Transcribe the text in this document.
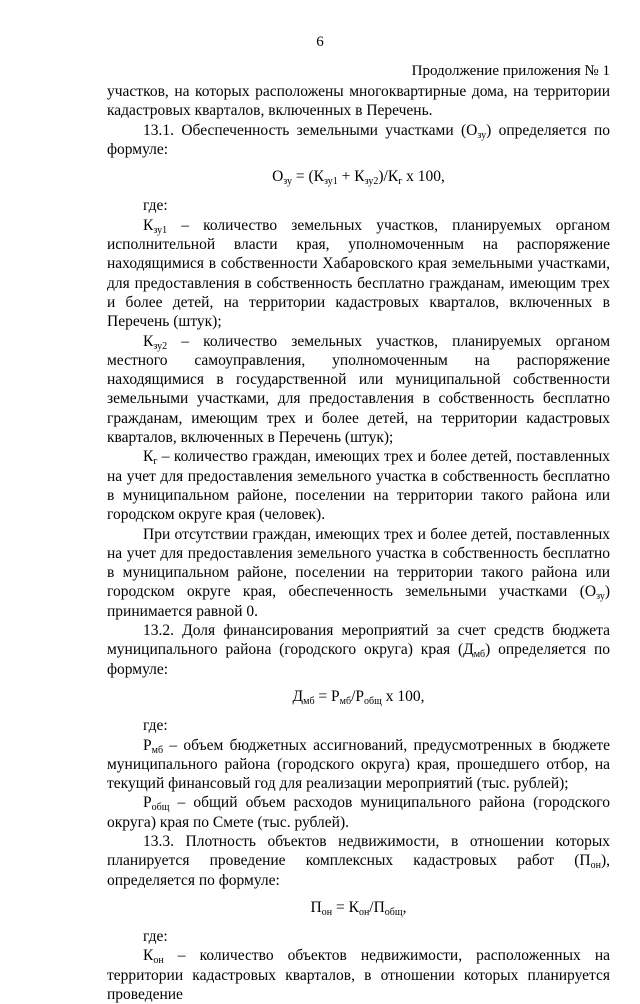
6
Продолжение приложения № 1

участков, на которых расположены многоквартирные дома, на территории кадастровых кварталов, включенных в Перечень.

13.1. Обеспеченность земельными участками $(О_{зу})$ определяется по формуле:

$О_{зу} = (К_{зу1} + К_{зу2})/К_г$ х 100,

где:

$К_{зу1}$ – количество земельных участков, планируемых органом исполнительной власти края, уполномоченным на распоряжение находящимися в собственности Хабаровского края земельными участками, для предоставления в собственность бесплатно гражданам, имеющим трех и более детей, на территории кадастровых кварталов, включенных в Перечень (штук);

$К_{зу2}$ – количество земельных участков, планируемых органом местного самоуправления, уполномоченным на распоряжение находящимися в государственной или муниципальной собственности земельными участками, для предоставления в собственность бесплатно гражданам, имеющим трех и более детей, на территории кадастровых кварталов, включенных в Перечень (штук);

$К_г$ – количество граждан, имеющих трех и более детей, поставленных на учет для предоставления земельного участка в собственность бесплатно в муниципальном районе, поселении на территории такого района или городском округе края (человек).

При отсутствии граждан, имеющих трех и более детей, поставленных на учет для предоставления земельного участка в собственность бесплатно в муниципальном районе, поселении на территории такого района или городском округе края, обеспеченность земельными участками $(О_{зу})$ принимается равной 0.

13.2. Доля финансирования мероприятий за счет средств бюджета муниципального района (городского округа) края $(Д_{мб})$ определяется по формуле:

$Д_{мб} = Р_{мб}/Р_{общ}$ х 100,

где:

$Р_{мб}$ – объем бюджетных ассигнований, предусмотренных в бюджете муниципального района (городского округа) края, прошедшего отбор, на текущий финансовый год для реализации мероприятий (тыс. рублей);

$Р_{общ}$ – общий объем расходов муниципального района (городского округа) края по Смете (тыс. рублей).

13.3. Плотность объектов недвижимости, в отношении которых планируется проведение комплексных кадастровых работ $(П_{он})$, определяется по формуле:

$П_{он} = К_{он}/П_{общ}$,

где:

$К_{он}$ – количество объектов недвижимости, расположенных на территории кадастровых кварталов, в отношении которых планируется проведение
